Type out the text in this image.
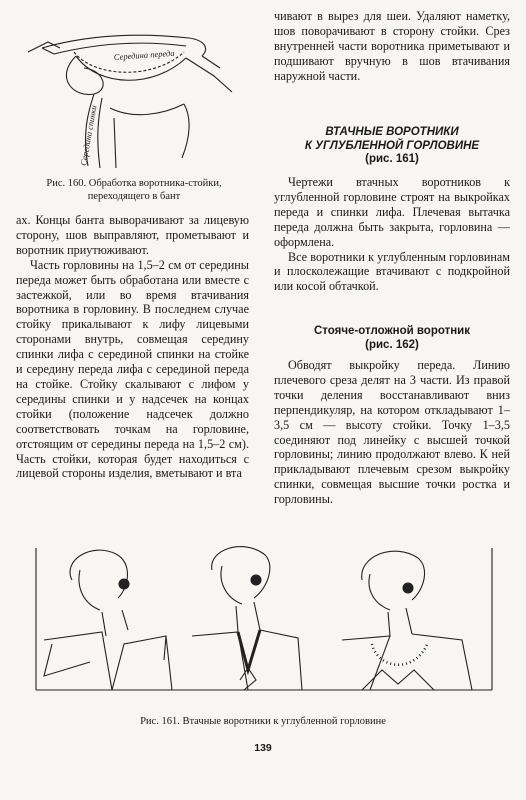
Середина переда
Середина спинки
Рис. 160. Обработка воротника-стойки, переходящего в бант

ах. Концы банта выворачивают за лицевую сторону, шов выправляют, прометывают и воротник приутюживают.

Часть горловины на 1,5–2 см от середины переда может быть обработана или вместе с застежкой, или во время втачивания воротника в горловину. В последнем случае стойку прикалывают к лифу лицевыми сторонами внутрь, совмещая середину спинки лифа с серединой спинки на стойке и середину переда лифа с серединой переда на стойке. Стойку скалывают с лифом у середины спинки и у надсечек на концах стойки (положение надсечек должно соответствовать точкам на горловине, отстоящим от середины переда на 1,5–2 см). Часть стойки, которая будет находиться с лицевой стороны изделия, вметывают и вта

чивают в вырез для шеи. Удаляют наметку, шов поворачивают в сторону стойки. Срез внутренней части воротника приметывают и подшивают вручную в шов втачивания наружной части.

ВТАЧНЫЕ ВОРОТНИКИ
К УГЛУБЛЕННОЙ ГОРЛОВИНЕ
(рис. 161)

Чертежи втачных воротников к углубленной горловине строят на выкройках переда и спинки лифа. Плечевая вытачка переда должна быть закрыта, горловина — оформлена.

Все воротники к углубленным горловинам и плосколежащие втачивают с подкройной или косой обтачкой.

Стояче-отложной воротник
(рис. 162)

Обводят выкройку переда. Линию плечевого среза делят на 3 части. Из правой точки деления восстанавливают вниз перпендикуляр, на котором откладывают 1–3,5 см — высоту стойки. Точку 1–3,5 соединяют под линейку с высшей точкой горловины; линию продолжают влево. К ней прикладывают плечевым срезом выкройку спинки, совмещая высшие точки ростка и горловины.

Рис. 161. Втачные воротники к углубленной горловине
139
